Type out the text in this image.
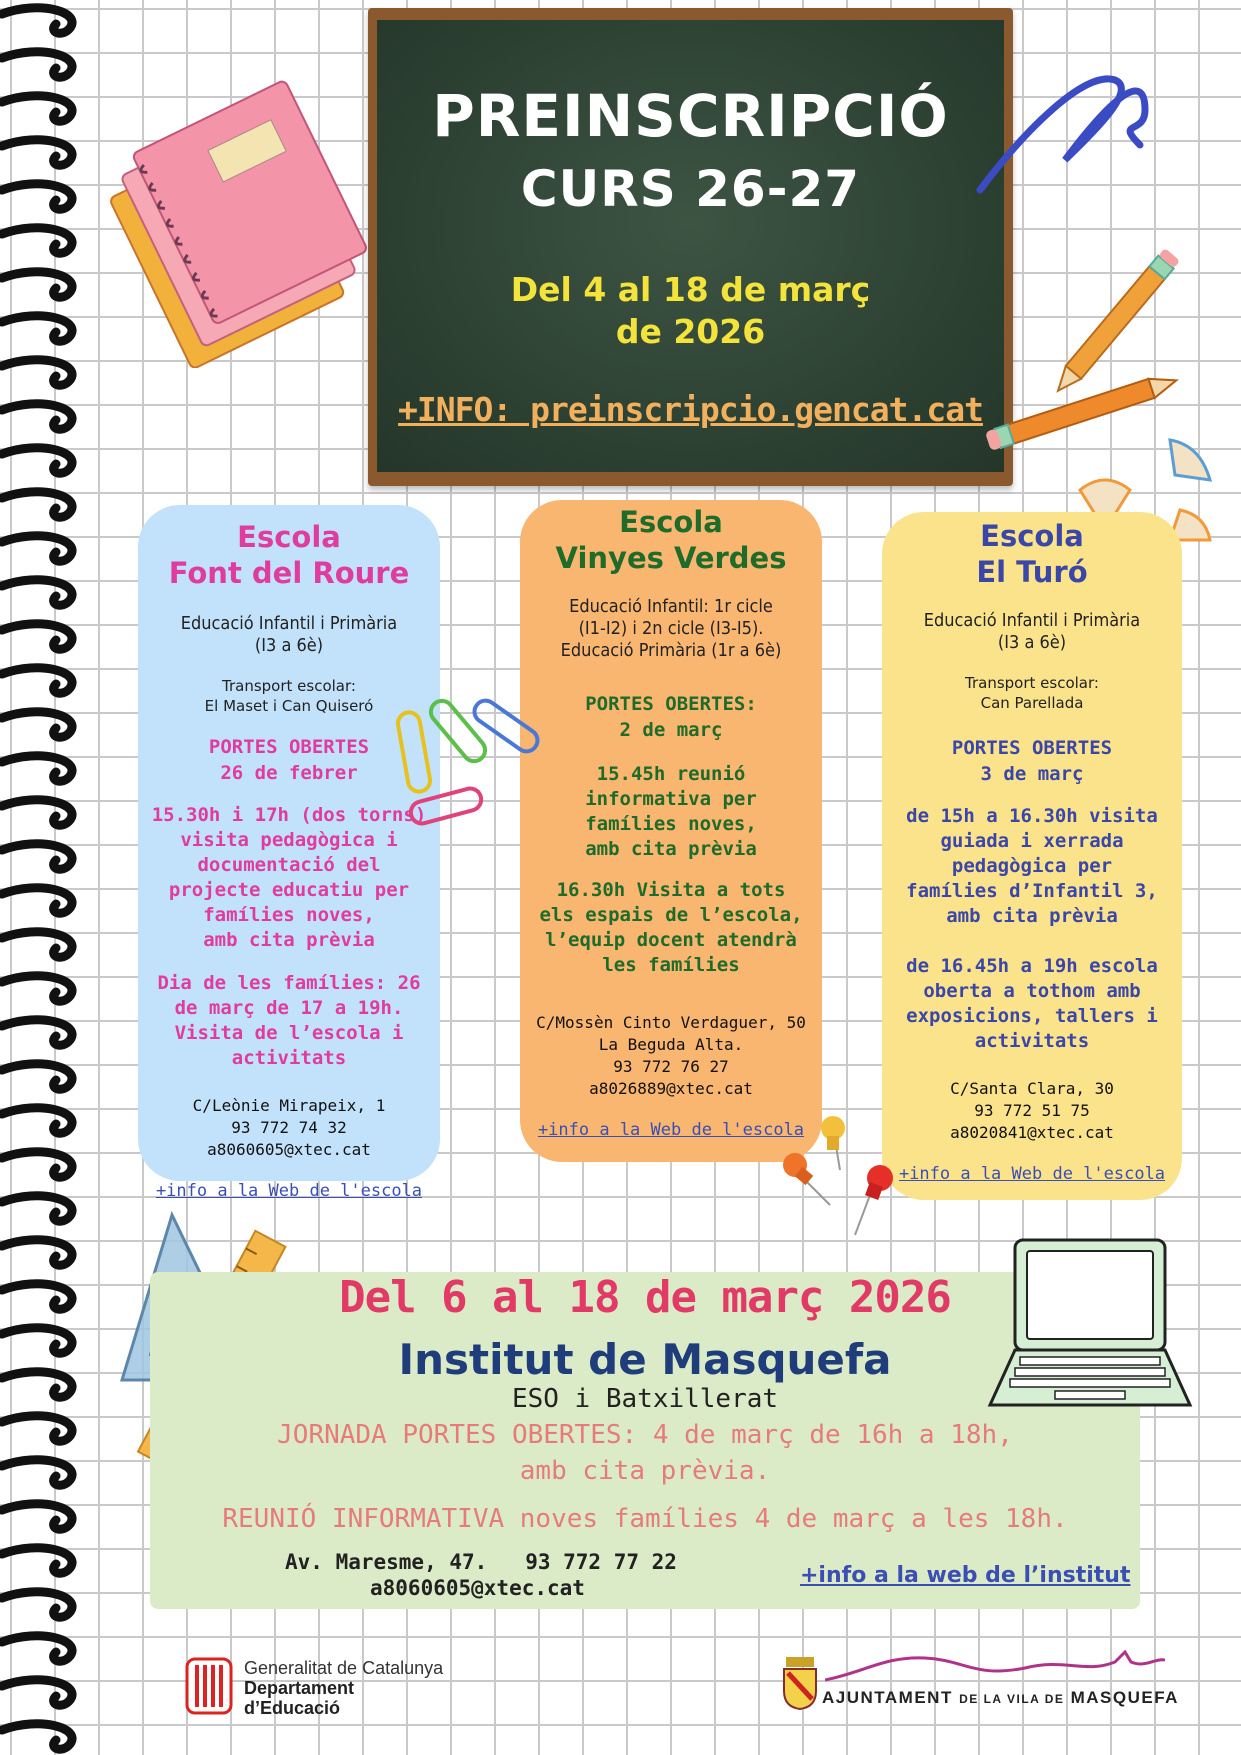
PREINSCRIPCIÓ
CURS 26-27
Del 4 al 18 de març
de 2026
+INFO: preinscripcio.gencat.cat
Escola
Font del Roure
Educació Infantil i Primària
(I3 a 6è)
Transport escolar:
El Maset i Can Quiseró
PORTES OBERTES
26 de febrer
15.30h i 17h (dos torns)
visita pedagògica i
documentació del
projecte educatiu per
famílies noves,
amb cita prèvia
Dia de les famílies: 26
de març de 17 a 19h.
Visita de l’escola i
activitats
C/Leònie Mirapeix, 1
93 772 74 32
a8060605@xtec.cat
+info a la Web de l'escola
Escola
Vinyes Verdes
Educació Infantil: 1r cicle
(I1-I2) i 2n cicle (I3-I5).
Educació Primària (1r a 6è)
PORTES OBERTES:
2 de març
15.45h reunió
informativa per
famílies noves,
amb cita prèvia
16.30h Visita a tots
els espais de l’escola,
l’equip docent atendrà
les famílies
C/Mossèn Cinto Verdaguer, 50
La Beguda Alta.
93 772 76 27
a8026889@xtec.cat
+info a la Web de l'escola
Escola
El Turó
Educació Infantil i Primària
(I3 a 6è)
Transport escolar:
Can Parellada
PORTES OBERTES
3 de març
de 15h a 16.30h visita
guiada i xerrada
pedagògica per
famílies d’Infantil 3,
amb cita prèvia
de 16.45h a 19h escola
oberta a tothom amb
exposicions, tallers i
activitats
C/Santa Clara, 30
93 772 51 75
a8020841@xtec.cat
+info a la Web de l'escola
Del 6 al 18 de març 2026
Institut de Masquefa
ESO i Batxillerat
JORNADA PORTES OBERTES: 4 de març de 16h a 18h,
amb cita prèvia.
REUNIÓ INFORMATIVA noves famílies 4 de març a les 18h.
Av. Maresme, 47.   93 772 77 22
a8060605@xtec.cat	+info a la web de l’institut
Generalitat de Catalunya
Departament
d’Educació
AJUNTAMENT DE LA VILA DE MASQUEFA
